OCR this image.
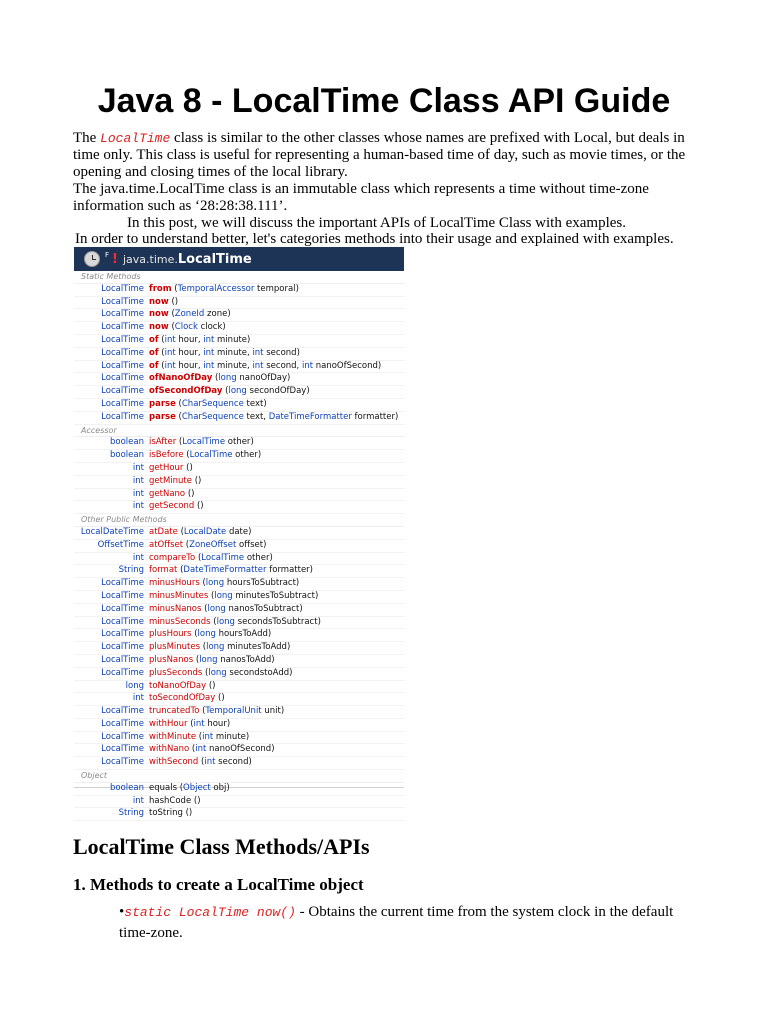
Java 8 - LocalTime Class API Guide

The LocalTime class is similar to the other classes whose names are prefixed with Local, but deals in time only. This class is useful for representing a human-based time of day, such as movie times, or the opening and closing times of the local library.

The java.time.LocalTime class is an immutable class which represents a time without time-zone information such as ‘28:28:38.111’.

In this post, we will discuss the important APIs of LocalTime Class with examples.

In order to understand better, let's categories methods into their usage and explained with examples.

F ! java.time. LocalTime
Static Methods
LocalTime from (TemporalAccessor temporal)
LocalTime now ()
LocalTime now (ZoneId zone)
LocalTime now (Clock clock)
LocalTime of (int hour, int minute)
LocalTime of (int hour, int minute, int second)
LocalTime of (int hour, int minute, int second, int nanoOfSecond)
LocalTime ofNanoOfDay (long nanoOfDay)
LocalTime ofSecondOfDay (long secondOfDay)
LocalTime parse (CharSequence text)
LocalTime parse (CharSequence text, DateTimeFormatter formatter)
Accessor
boolean isAfter (LocalTime other)
boolean isBefore (LocalTime other)
int getHour ()
int getMinute ()
int getNano ()
int getSecond ()
Other Public Methods
LocalDateTime atDate (LocalDate date)
OffsetTime atOffset (ZoneOffset offset)
int compareTo (LocalTime other)
String format (DateTimeFormatter formatter)
LocalTime minusHours (long hoursToSubtract)
LocalTime minusMinutes (long minutesToSubtract)
LocalTime minusNanos (long nanosToSubtract)
LocalTime minusSeconds (long secondsToSubtract)
LocalTime plusHours (long hoursToAdd)
LocalTime plusMinutes (long minutesToAdd)
LocalTime plusNanos (long nanosToAdd)
LocalTime plusSeconds (long secondstoAdd)
long toNanoOfDay ()
int toSecondOfDay ()
LocalTime truncatedTo (TemporalUnit unit)
LocalTime withHour (int hour)
LocalTime withMinute (int minute)
LocalTime withNano (int nanoOfSecond)
LocalTime withSecond (int second)
Object
boolean equals (Object obj)
int hashCode ()
String toString ()
LocalTime Class Methods/APIs
1. Methods to create a LocalTime object

•static LocalTime now() - Obtains the current time from the system clock in the default time-zone.
